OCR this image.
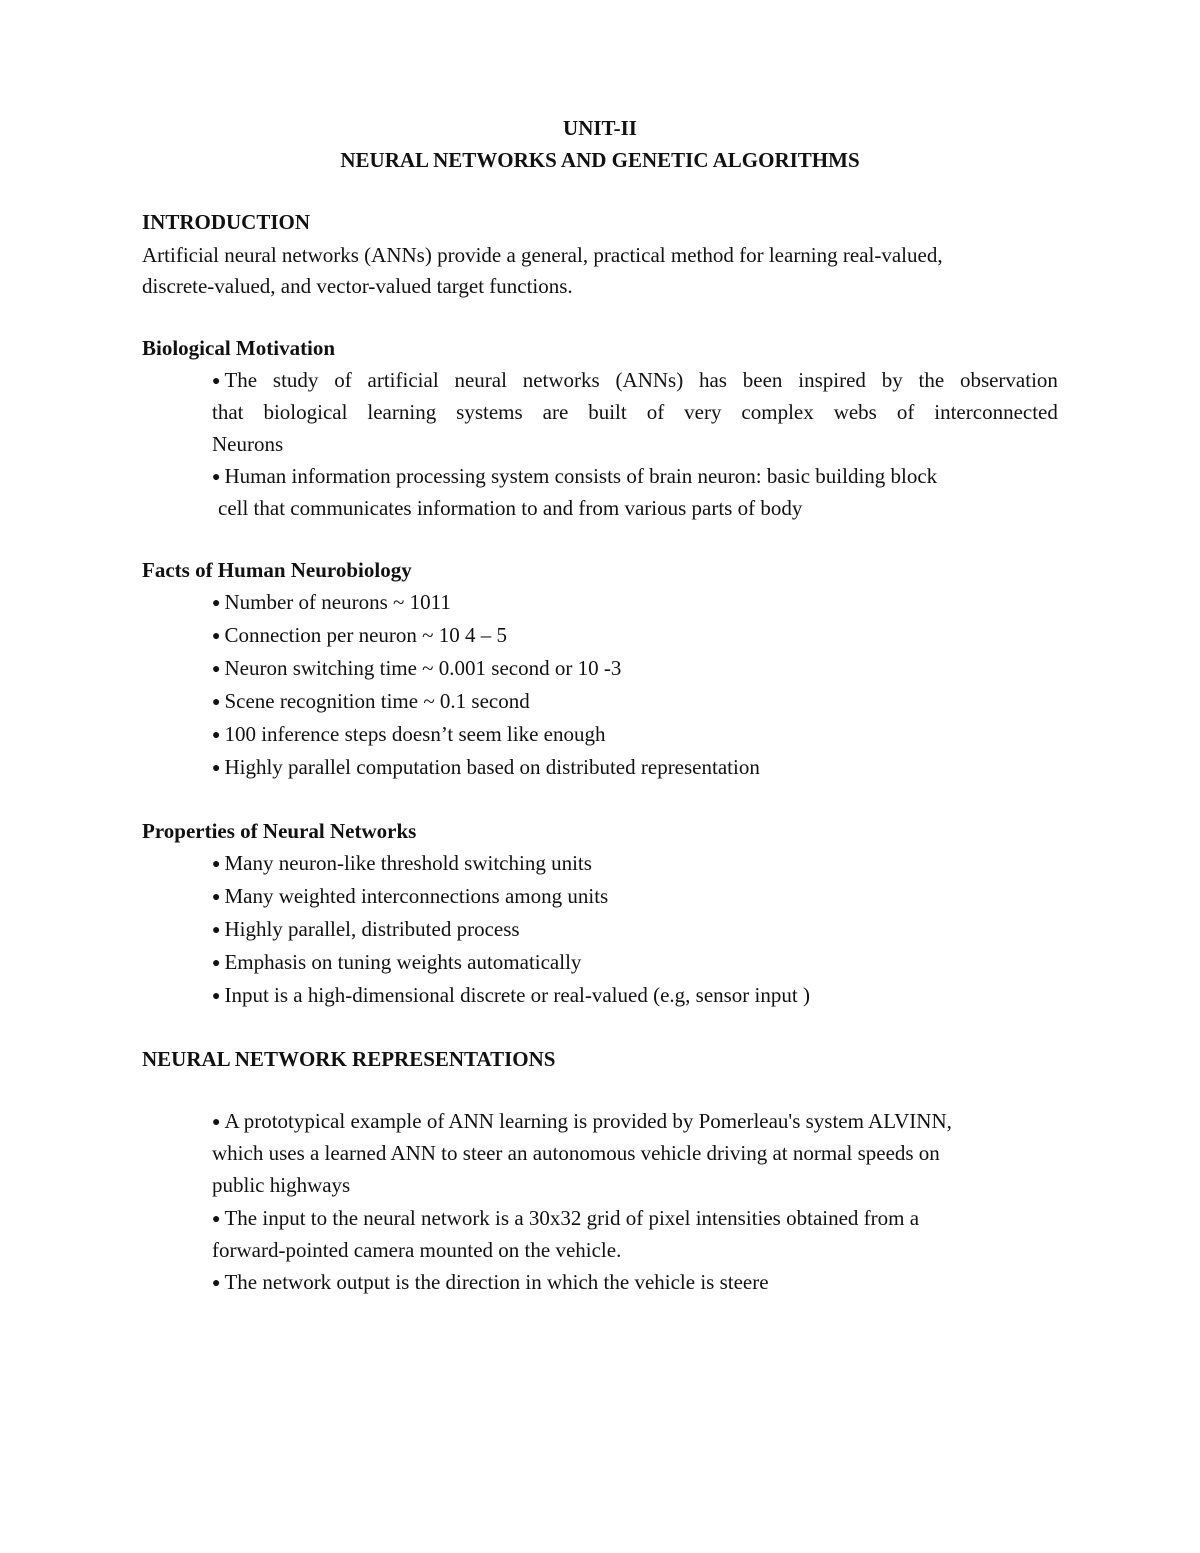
UNIT-II
NEURAL NETWORKS AND GENETIC ALGORITHMS
INTRODUCTION
Artificial neural networks (ANNs) provide a general, practical method for learning real-valued,
discrete-valued, and vector-valued target functions.
Biological Motivation
● The study of artificial neural networks (ANNs) has been inspired by the observation
that biological learning systems are built of very complex webs of interconnected
Neurons
● Human information processing system consists of brain neuron: basic building block
cell that communicates information to and from various parts of body
Facts of Human Neurobiology
● Number of neurons ~ 1011
● Connection per neuron ~ 10 4 – 5
● Neuron switching time ~ 0.001 second or 10 -3
● Scene recognition time ~ 0.1 second
● 100 inference steps doesn’t seem like enough
● Highly parallel computation based on distributed representation
Properties of Neural Networks
● Many neuron-like threshold switching units
● Many weighted interconnections among units
● Highly parallel, distributed process
● Emphasis on tuning weights automatically
● Input is a high-dimensional discrete or real-valued (e.g, sensor input )
NEURAL NETWORK REPRESENTATIONS
● A prototypical example of ANN learning is provided by Pomerleau's system ALVINN,
which uses a learned ANN to steer an autonomous vehicle driving at normal speeds on
public highways
● The input to the neural network is a 30x32 grid of pixel intensities obtained from a
forward-pointed camera mounted on the vehicle.
● The network output is the direction in which the vehicle is steere
